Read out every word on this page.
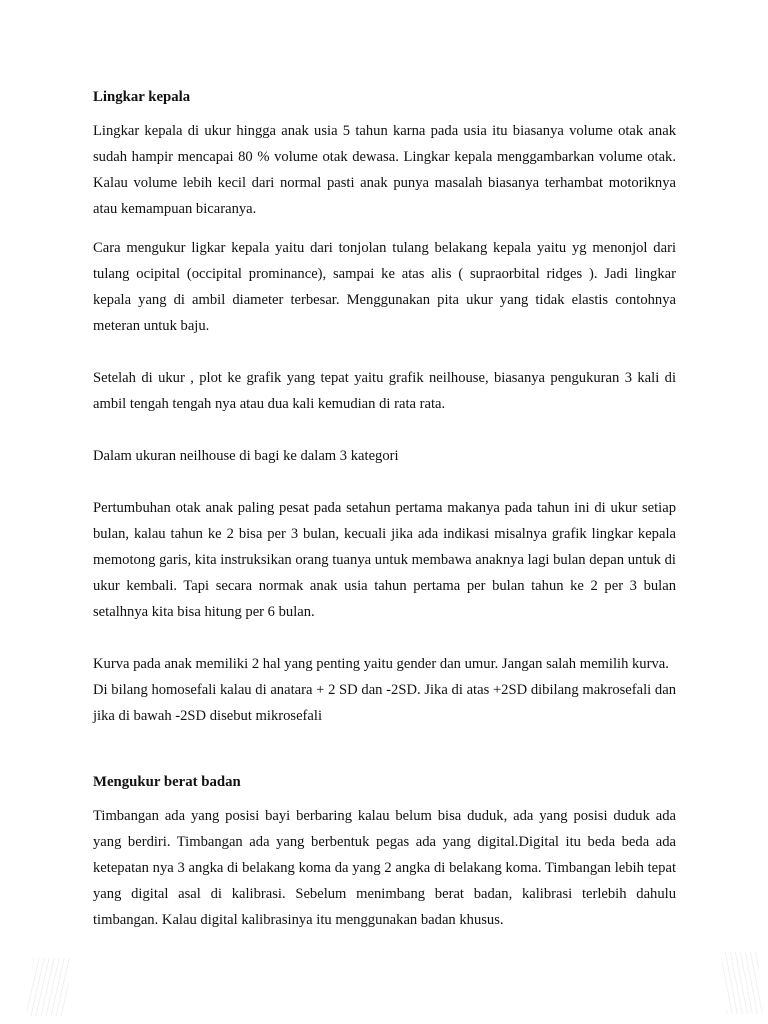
Lingkar kepala

Lingkar kepala di ukur hingga anak usia 5 tahun karna pada usia itu biasanya volume otak anak sudah hampir mencapai 80 % volume otak dewasa. Lingkar kepala menggambarkan volume otak. Kalau volume lebih kecil dari normal pasti anak punya masalah biasanya terhambat motoriknya atau kemampuan bicaranya.

Cara mengukur ligkar kepala yaitu dari tonjolan tulang belakang kepala yaitu yg menonjol dari tulang ocipital (occipital prominance), sampai ke atas alis ( supraorbital ridges ). Jadi lingkar kepala yang di ambil diameter terbesar. Menggunakan pita ukur yang tidak elastis contohnya meteran untuk baju.

Setelah di ukur , plot ke grafik yang tepat yaitu grafik neilhouse, biasanya pengukuran 3 kali di ambil tengah tengah nya atau dua kali kemudian di rata rata.

Dalam ukuran neilhouse di bagi ke dalam 3 kategori

Pertumbuhan otak anak paling pesat pada setahun pertama makanya pada tahun ini di ukur setiap bulan, kalau tahun ke 2 bisa per 3 bulan, kecuali jika ada indikasi misalnya grafik lingkar kepala memotong garis, kita instruksikan orang tuanya untuk membawa anaknya lagi bulan depan untuk di ukur kembali. Tapi secara normak anak usia tahun pertama per bulan tahun ke 2 per 3 bulan setalhnya kita bisa hitung per 6 bulan.

Kurva pada anak memiliki 2 hal yang penting yaitu gender dan umur. Jangan salah memilih kurva.

Di bilang homosefali kalau di anatara + 2 SD dan -2SD. Jika di atas +2SD dibilang makrosefali dan jika di bawah -2SD disebut mikrosefali

Mengukur berat badan

Timbangan ada yang posisi bayi berbaring kalau belum bisa duduk, ada yang posisi duduk ada yang berdiri. Timbangan ada yang berbentuk pegas ada yang digital.Digital itu beda beda ada ketepatan nya 3 angka di belakang koma da yang 2 angka di belakang koma. Timbangan lebih tepat yang digital asal di kalibrasi. Sebelum menimbang berat badan, kalibrasi terlebih dahulu timbangan. Kalau digital kalibrasinya itu menggunakan badan khusus.
